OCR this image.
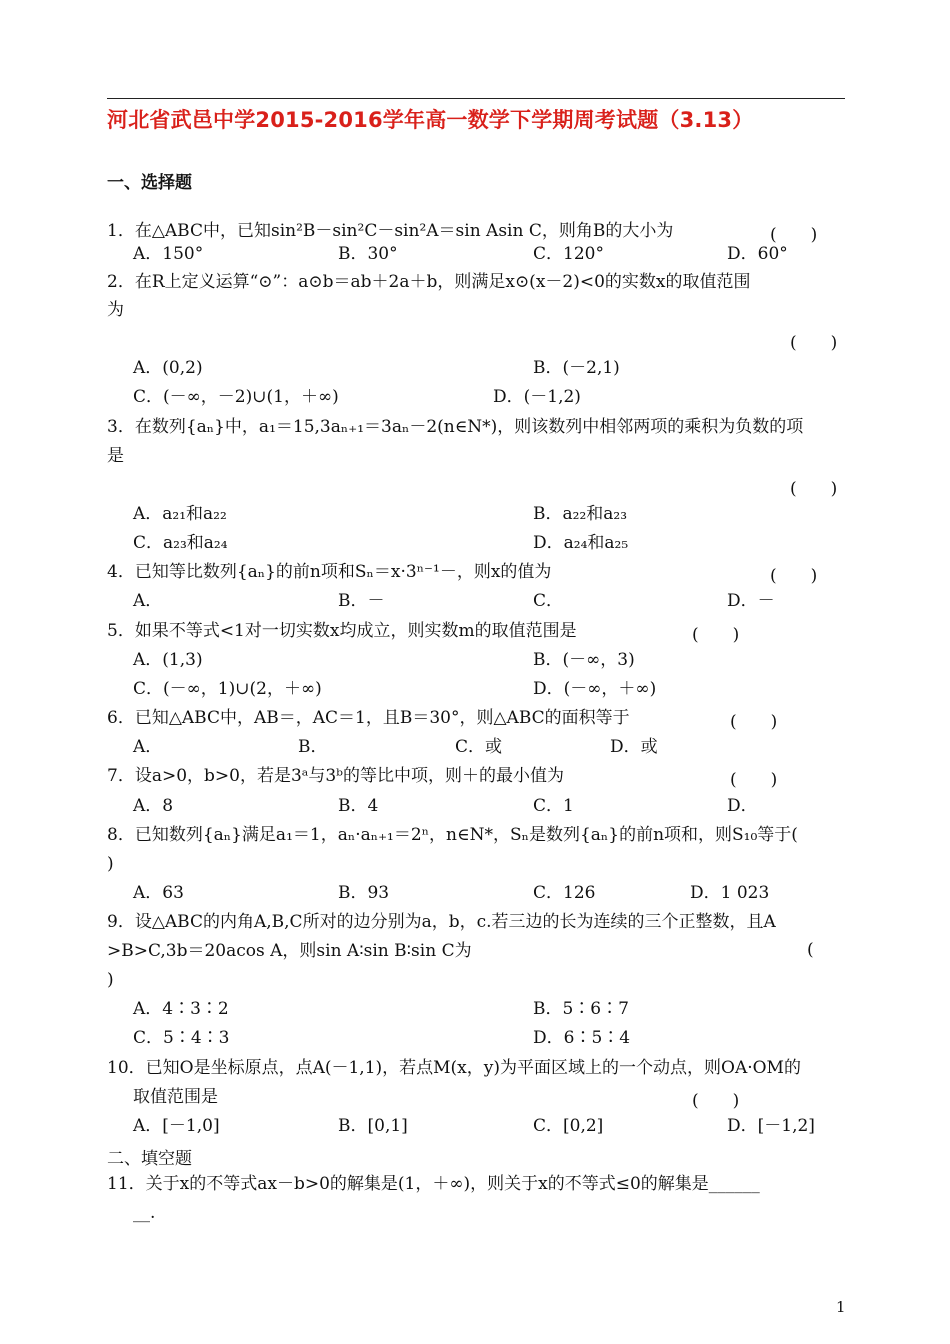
河北省武邑中学2015-2016学年高一数学下学期周考试题（3.13）
一、选择题
1．在△ABC中，已知sin²B－sin²C－sin²A＝sin Asin C，则角B的大小为	(　　)
A．150°	B．30°	C．120°	D．60°
2．在R上定义运算“⊙”：a⊙b＝ab＋2a＋b，则满足x⊙(x－2)<0的实数x的取值范围
为
(　　)
A．(0,2)	B．(－2,1)
C．(－∞，－2)∪(1，＋∞)	D．(－1,2)
3．在数列{aₙ}中，a₁＝15,3aₙ₊₁＝3aₙ－2(n∈N*)，则该数列中相邻两项的乘积为负数的项
是
(　　)
A．a₂₁和a₂₂	B．a₂₂和a₂₃
C．a₂₃和a₂₄	D．a₂₄和a₂₅
4．已知等比数列{aₙ}的前n项和Sₙ＝x·3ⁿ⁻¹－，则x的值为	(　　)
A．	B．－	C．	D．－
5．如果不等式<1对一切实数x均成立，则实数m的取值范围是	(　　)
A．(1,3)	B．(－∞，3)
C．(－∞，1)∪(2，＋∞)	D．(－∞，＋∞)
6．已知△ABC中，AB＝，AC＝1，且B＝30°，则△ABC的面积等于	(　　)
A．	B．	C．或	D．或
7．设a>0，b>0，若是3ᵃ与3ᵇ的等比中项，则＋的最小值为	(　　)
A．8	B．4	C．1	D．
8．已知数列{aₙ}满足a₁＝1，aₙ·aₙ₊₁＝2ⁿ，n∈N*，Sₙ是数列{aₙ}的前n项和，则S₁₀等于(
)
A．63	B．93	C．126	D．1 023
9．设△ABC的内角A,B,C所对的边分别为a，b，c.若三边的长为连续的三个正整数，且A
>B>C,3b＝20acos A，则sin A∶sin B∶sin C为	(
)
A．4∶3∶2	B．5∶6∶7
C．5∶4∶3	D．6∶5∶4
10．已知O是坐标原点，点A(－1,1)，若点M(x，y)为平面区域上的一个动点，则OA·OM的
取值范围是	(　　)
A．[－1,0]	B．[0,1]	C．[0,2]	D．[－1,2]
二、填空题
11．关于x的不等式ax－b>0的解集是(1，＋∞)，则关于x的不等式≤0的解集是______
__.
1
